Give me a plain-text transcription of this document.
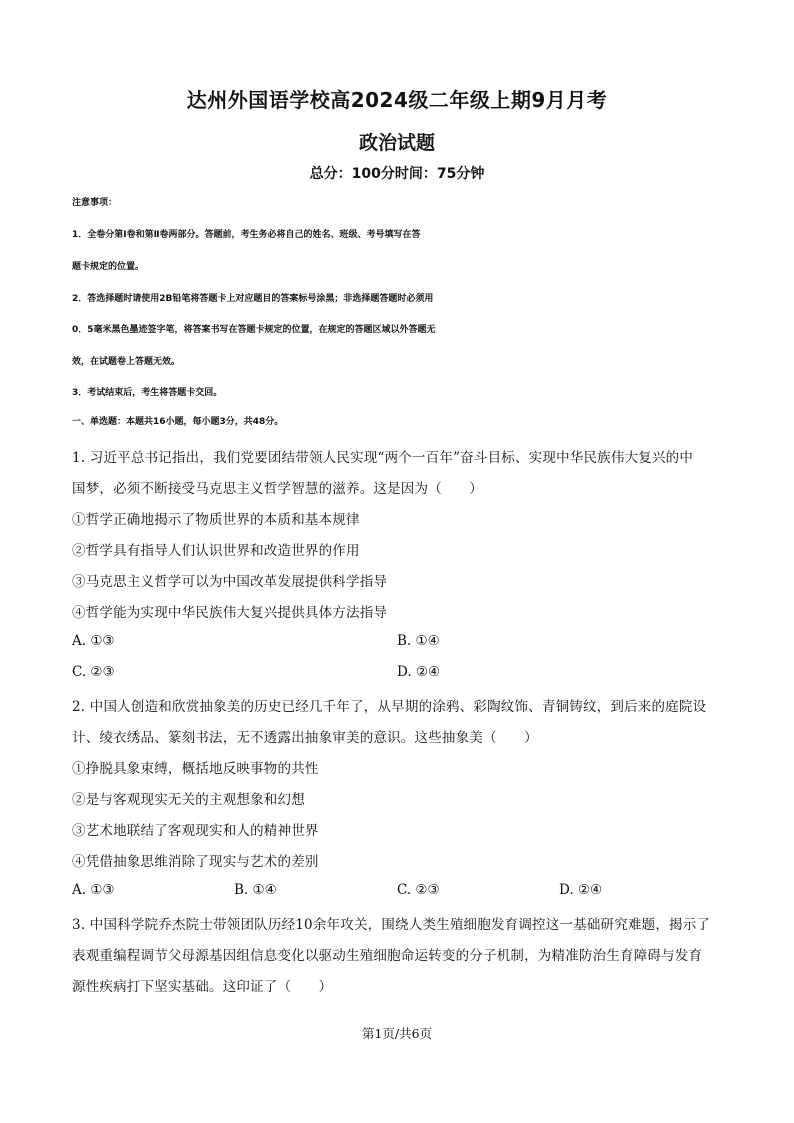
达州外国语学校高2024级二年级上期9月月考
政治试题
总分：100分时间：75分钟
注意事项：
1．全卷分第Ⅰ卷和第Ⅱ卷两部分。答题前，考生务必将自己的姓名、班级、考号填写在答
题卡规定的位置。
2．答选择题时请使用2B铅笔将答题卡上对应题目的答案标号涂黑；非选择题答题时必须用
0．5毫米黑色墨迹签字笔，将答案书写在答题卡规定的位置，在规定的答题区域以外答题无
效，在试题卷上答题无效。
3．考试结束后，考生将答题卡交回。
一、单选题：本题共16小题，每小题3分，共48分。
1. 习近平总书记指出，我们党要团结带领人民实现“两个一百年”奋斗目标、实现中华民族伟大复兴的中
国梦，必须不断接受马克思主义哲学智慧的滋养。这是因为（　　）
①哲学正确地揭示了物质世界的本质和基本规律
②哲学具有指导人们认识世界和改造世界的作用
③马克思主义哲学可以为中国改革发展提供科学指导
④哲学能为实现中华民族伟大复兴提供具体方法指导
A. ①③	B. ①④
C. ②③	D. ②④
2. 中国人创造和欣赏抽象美的历史已经几千年了，从早期的涂鸦、彩陶纹饰、青铜铸纹，到后来的庭院设
计、绫衣绣品、篆刻书法，无不透露出抽象审美的意识。这些抽象美（　　）
①挣脱具象束缚，概括地反映事物的共性
②是与客观现实无关的主观想象和幻想
③艺术地联结了客观现实和人的精神世界
④凭借抽象思维消除了现实与艺术的差别
A. ①③	B. ①④	C. ②③	D. ②④
3. 中国科学院乔杰院士带领团队历经10余年攻关，围绕人类生殖细胞发育调控这一基础研究难题，揭示了
表观重编程调节父母源基因组信息变化以驱动生殖细胞命运转变的分子机制，为精准防治生育障碍与发育
源性疾病打下坚实基础。这印证了（　　）
第1页/共6页
